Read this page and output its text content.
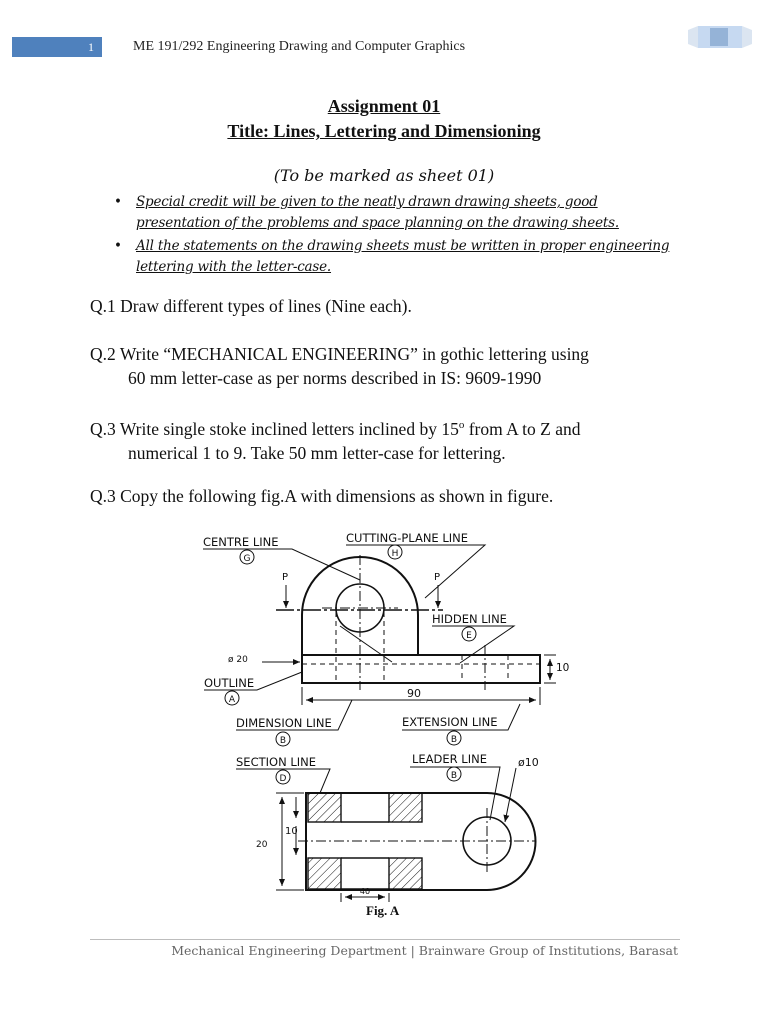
1	ME 191/292 Engineering Drawing and Computer Graphics
Assignment 01
Title: Lines, Lettering and Dimensioning
(To be marked as sheet 01)
• Special credit will be given to the neatly drawn drawing sheets, good presentation of the problems and space planning on the drawing sheets.
• All the statements on the drawing sheets must be written in proper engineering lettering with the letter-case.
Q.1 Draw different types of lines (Nine each).
Q.2 Write “MECHANICAL ENGINEERING” in gothic lettering using
60 mm letter-case as per norms described in IS: 9609-1990
Q.3 Write single stoke inclined letters inclined by 15$^o$ from A to Z and
numerical 1 to 9. Take 50 mm letter-case for lettering.
Q.3 Copy the following fig.A with dimensions as shown in figure.
CENTRE LINE
G
CUTTING-PLANE LINE
H
P	P
HIDDEN LINE
E
ø 20
OUTLINE
A
10
90
DIMENSION LINE
B
EXTENSION LINE
B
SECTION LINE
D
LEADER LINE
B
ø10
10
20
40
Fig. A
Mechanical Engineering Department | Brainware Group of Institutions, Barasat
